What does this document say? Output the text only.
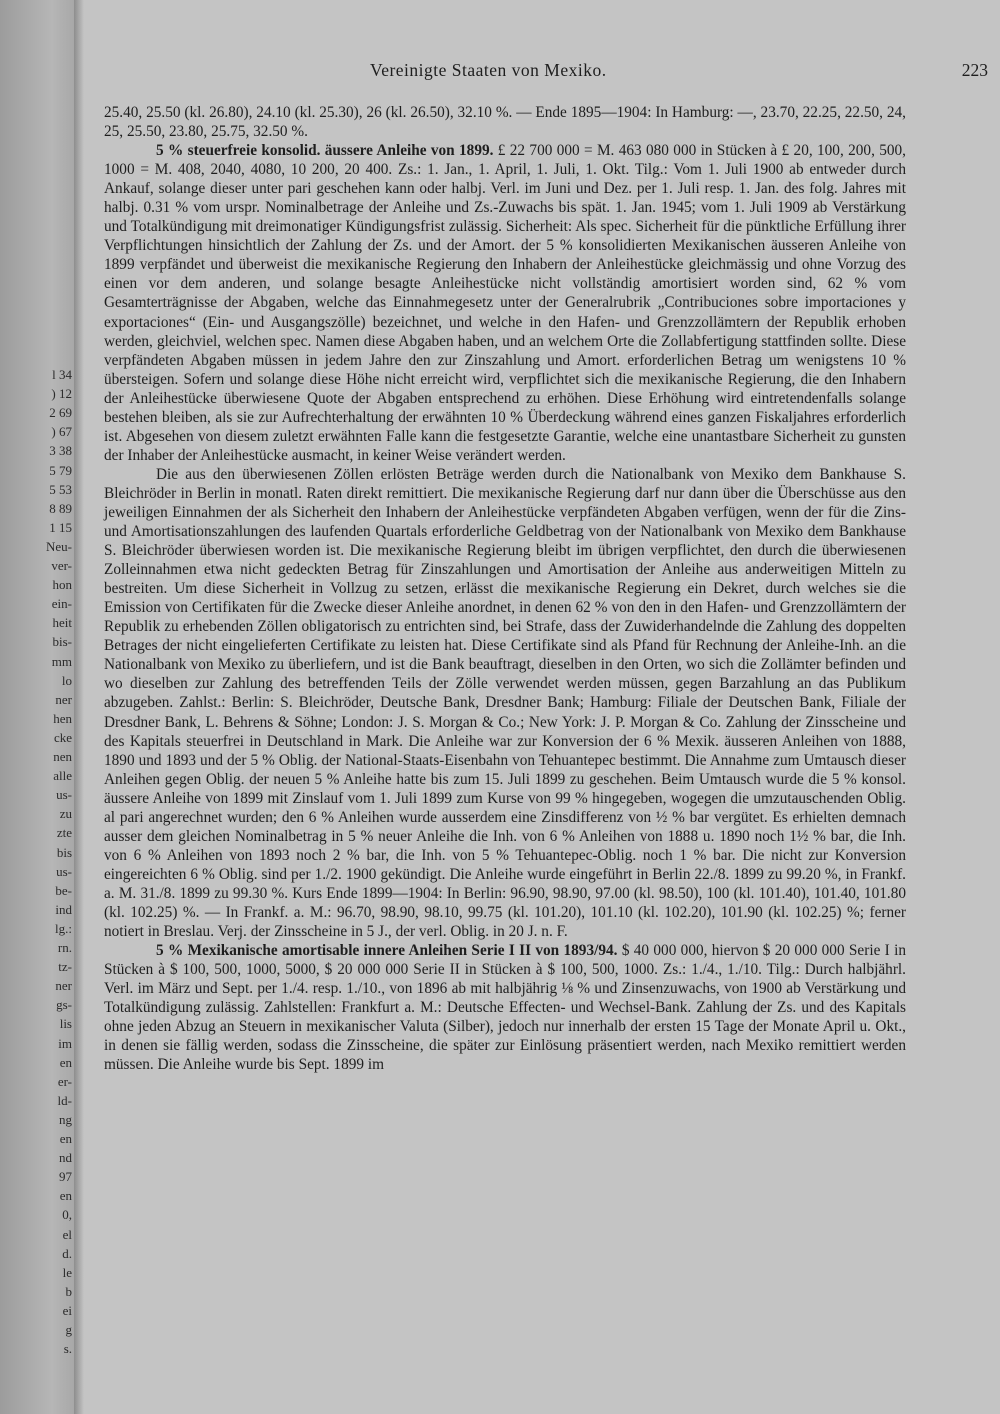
l 34
) 12
2 69
) 67
3 38
5 79
5 53
8 89
1 15
Neu-
ver-
hon
ein-
heit
bis-
mm
lo
ner
hen
cke
nen
alle
us-
zu
zte
bis
us-
be-
ind
lg.:
rn.
tz-
ner
gs-
lis
im
en
er-
ld-
ng
en
nd
97
en
0,
el
d.
le
b
ei
g
s.
Vereinigte Staaten von Mexiko.	223

25.40, 25.50 (kl. 26.80), 24.10 (kl. 25.30), 26 (kl. 26.50), 32.10 %. — Ende 1895—1904: In Hamburg: —, 23.70, 22.25, 22.50, 24, 25, 25.50, 23.80, 25.75, 32.50 %.

5 % steuerfreie konsolid. äussere Anleihe von 1899. £ 22 700 000 = M. 463 080 000 in Stücken à £ 20, 100, 200, 500, 1000 = M. 408, 2040, 4080, 10 200, 20 400. Zs.: 1. Jan., 1. April, 1. Juli, 1. Okt. Tilg.: Vom 1. Juli 1900 ab entweder durch Ankauf, solange dieser unter pari geschehen kann oder halbj. Verl. im Juni und Dez. per 1. Juli resp. 1. Jan. des folg. Jahres mit halbj. 0.31 % vom urspr. Nominalbetrage der Anleihe und Zs.-Zuwachs bis spät. 1. Jan. 1945; vom 1. Juli 1909 ab Verstärkung und Totalkündigung mit dreimonatiger Kündigungsfrist zulässig. Sicherheit: Als spec. Sicherheit für die pünktliche Erfüllung ihrer Verpflichtungen hinsichtlich der Zahlung der Zs. und der Amort. der 5 % konsolidierten Mexikanischen äusseren Anleihe von 1899 verpfändet und überweist die mexikanische Regierung den Inhabern der Anleihestücke gleichmässig und ohne Vorzug des einen vor dem anderen, und solange besagte Anleihestücke nicht vollständig amortisiert worden sind, 62 % vom Gesamterträgnisse der Abgaben, welche das Einnahmegesetz unter der Generalrubrik „Contribuciones sobre importaciones y exportaciones“ (Ein- und Ausgangszölle) bezeichnet, und welche in den Hafen- und Grenzzollämtern der Republik erhoben werden, gleichviel, welchen spec. Namen diese Abgaben haben, und an welchem Orte die Zollabfertigung stattfinden sollte. Diese verpfändeten Abgaben müssen in jedem Jahre den zur Zinszahlung und Amort. erforderlichen Betrag um wenigstens 10 % übersteigen. Sofern und solange diese Höhe nicht erreicht wird, verpflichtet sich die mexikanische Regierung, die den Inhabern der Anleihestücke überwiesene Quote der Abgaben entsprechend zu erhöhen. Diese Erhöhung wird eintretendenfalls solange bestehen bleiben, als sie zur Aufrechterhaltung der erwähnten 10 % Überdeckung während eines ganzen Fiskaljahres erforderlich ist. Abgesehen von diesem zuletzt erwähnten Falle kann die festgesetzte Garantie, welche eine unantastbare Sicherheit zu gunsten der Inhaber der Anleihestücke ausmacht, in keiner Weise verändert werden.

Die aus den überwiesenen Zöllen erlösten Beträge werden durch die Nationalbank von Mexiko dem Bankhause S. Bleichröder in Berlin in monatl. Raten direkt remittiert. Die mexikanische Regierung darf nur dann über die Überschüsse aus den jeweiligen Einnahmen der als Sicherheit den Inhabern der Anleihestücke verpfändeten Abgaben verfügen, wenn der für die Zins- und Amortisationszahlungen des laufenden Quartals erforderliche Geldbetrag von der Nationalbank von Mexiko dem Bankhause S. Bleichröder überwiesen worden ist. Die mexikanische Regierung bleibt im übrigen verpflichtet, den durch die überwiesenen Zolleinnahmen etwa nicht gedeckten Betrag für Zinszahlungen und Amortisation der Anleihe aus anderweitigen Mitteln zu bestreiten. Um diese Sicherheit in Vollzug zu setzen, erlässt die mexikanische Regierung ein Dekret, durch welches sie die Emission von Certifikaten für die Zwecke dieser Anleihe anordnet, in denen 62 % von den in den Hafen- und Grenzzollämtern der Republik zu erhebenden Zöllen obligatorisch zu entrichten sind, bei Strafe, dass der Zuwiderhandelnde die Zahlung des doppelten Betrages der nicht eingelieferten Certifikate zu leisten hat. Diese Certifikate sind als Pfand für Rechnung der Anleihe-Inh. an die Nationalbank von Mexiko zu überliefern, und ist die Bank beauftragt, dieselben in den Orten, wo sich die Zollämter befinden und wo dieselben zur Zahlung des betreffenden Teils der Zölle verwendet werden müssen, gegen Barzahlung an das Publikum abzugeben. Zahlst.: Berlin: S. Bleichröder, Deutsche Bank, Dresdner Bank; Hamburg: Filiale der Deutschen Bank, Filiale der Dresdner Bank, L. Behrens & Söhne; London: J. S. Morgan & Co.; New York: J. P. Morgan & Co. Zahlung der Zinsscheine und des Kapitals steuerfrei in Deutschland in Mark. Die Anleihe war zur Konversion der 6 % Mexik. äusseren Anleihen von 1888, 1890 und 1893 und der 5 % Oblig. der National-Staats-Eisenbahn von Tehuantepec bestimmt. Die Annahme zum Umtausch dieser Anleihen gegen Oblig. der neuen 5 % Anleihe hatte bis zum 15. Juli 1899 zu geschehen. Beim Umtausch wurde die 5 % konsol. äussere Anleihe von 1899 mit Zinslauf vom 1. Juli 1899 zum Kurse von 99 % hingegeben, wogegen die umzutauschenden Oblig. al pari angerechnet wurden; den 6 % Anleihen wurde ausserdem eine Zinsdifferenz von ½ % bar vergütet. Es erhielten demnach ausser dem gleichen Nominalbetrag in 5 % neuer Anleihe die Inh. von 6 % Anleihen von 1888 u. 1890 noch 1½ % bar, die Inh. von 6 % Anleihen von 1893 noch 2 % bar, die Inh. von 5 % Tehuantepec-Oblig. noch 1 % bar. Die nicht zur Konversion eingereichten 6 % Oblig. sind per 1./2. 1900 gekündigt. Die Anleihe wurde eingeführt in Berlin 22./8. 1899 zu 99.20 %, in Frankf. a. M. 31./8. 1899 zu 99.30 %. Kurs Ende 1899—1904: In Berlin: 96.90, 98.90, 97.00 (kl. 98.50), 100 (kl. 101.40), 101.40, 101.80 (kl. 102.25) %. — In Frankf. a. M.: 96.70, 98.90, 98.10, 99.75 (kl. 101.20), 101.10 (kl. 102.20), 101.90 (kl. 102.25) %; ferner notiert in Breslau. Verj. der Zinsscheine in 5 J., der verl. Oblig. in 20 J. n. F.

5 % Mexikanische amortisable innere Anleihen Serie I II von 1893/94. $ 40 000 000, hiervon $ 20 000 000 Serie I in Stücken à $ 100, 500, 1000, 5000, $ 20 000 000 Serie II in Stücken à $ 100, 500, 1000. Zs.: 1./4., 1./10. Tilg.: Durch halbjährl. Verl. im März und Sept. per 1./4. resp. 1./10., von 1896 ab mit halbjährig ⅛ % und Zinsenzuwachs, von 1900 ab Verstärkung und Totalkündigung zulässig. Zahlstellen: Frankfurt a. M.: Deutsche Effecten- und Wechsel-Bank. Zahlung der Zs. und des Kapitals ohne jeden Abzug an Steuern in mexikanischer Valuta (Silber), jedoch nur innerhalb der ersten 15 Tage der Monate April u. Okt., in denen sie fällig werden, sodass die Zinsscheine, die später zur Einlösung präsentiert werden, nach Mexiko remittiert werden müssen. Die Anleihe wurde bis Sept. 1899 im
